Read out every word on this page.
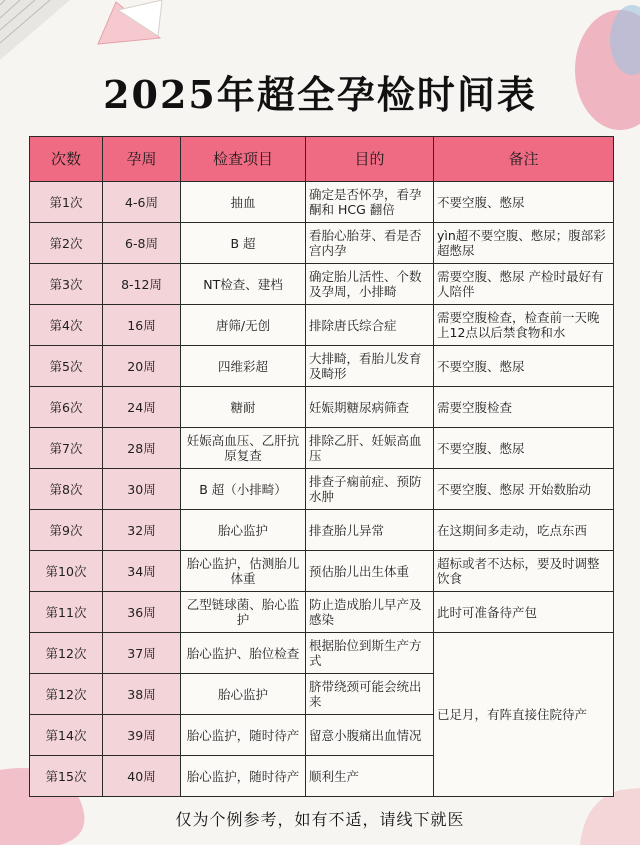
2025年超全孕检时间表
次数	孕周	检查项目	目的	备注
第1次	4-6周	抽血	确定是否怀孕，看孕酮和 HCG 翻倍	不要空腹、憋尿
第2次	6-8周	B 超	看胎心胎芽、看是否宫内孕	yìn超不要空腹、憋尿；腹部彩超憋尿
第3次	8-12周	NT检查、建档	确定胎儿活性、个数及孕周，小排畸	需要空腹、憋尿 产检时最好有人陪伴
第4次	16周	唐筛/无创	排除唐氏综合症	需要空腹检查，检查前一天晚上12点以后禁食物和水
第5次	20周	四维彩超	大排畸，看胎儿发育及畸形	不要空腹、憋尿
第6次	24周	糖耐	妊娠期糖尿病筛查	需要空腹检查
第7次	28周	妊娠高血压、乙肝抗原复查	排除乙肝、妊娠高血压	不要空腹、憋尿
第8次	30周	B 超（小排畸）	排查子痫前症、预防水肿	不要空腹、憋尿 开始数胎动
第9次	32周	胎心监护	排查胎儿异常	在这期间多走动，吃点东西
第10次	34周	胎心监护，估测胎儿体重	预估胎儿出生体重	超标或者不达标，要及时调整饮食
第11次	36周	乙型链球菌、胎心监护	防止造成胎儿早产及感染	此时可准备待产包
第12次	37周	胎心监护、胎位检查	根据胎位到斯生产方式	已足月，有阵直接住院待产
第12次	38周	胎心监护	脐带绕颈可能会统出来	
第14次	39周	胎心监护，随时待产	留意小腹痛出血情况	
第15次	40周	胎心监护，随时待产	顺利生产	
仅为个例参考，如有不适，请线下就医
